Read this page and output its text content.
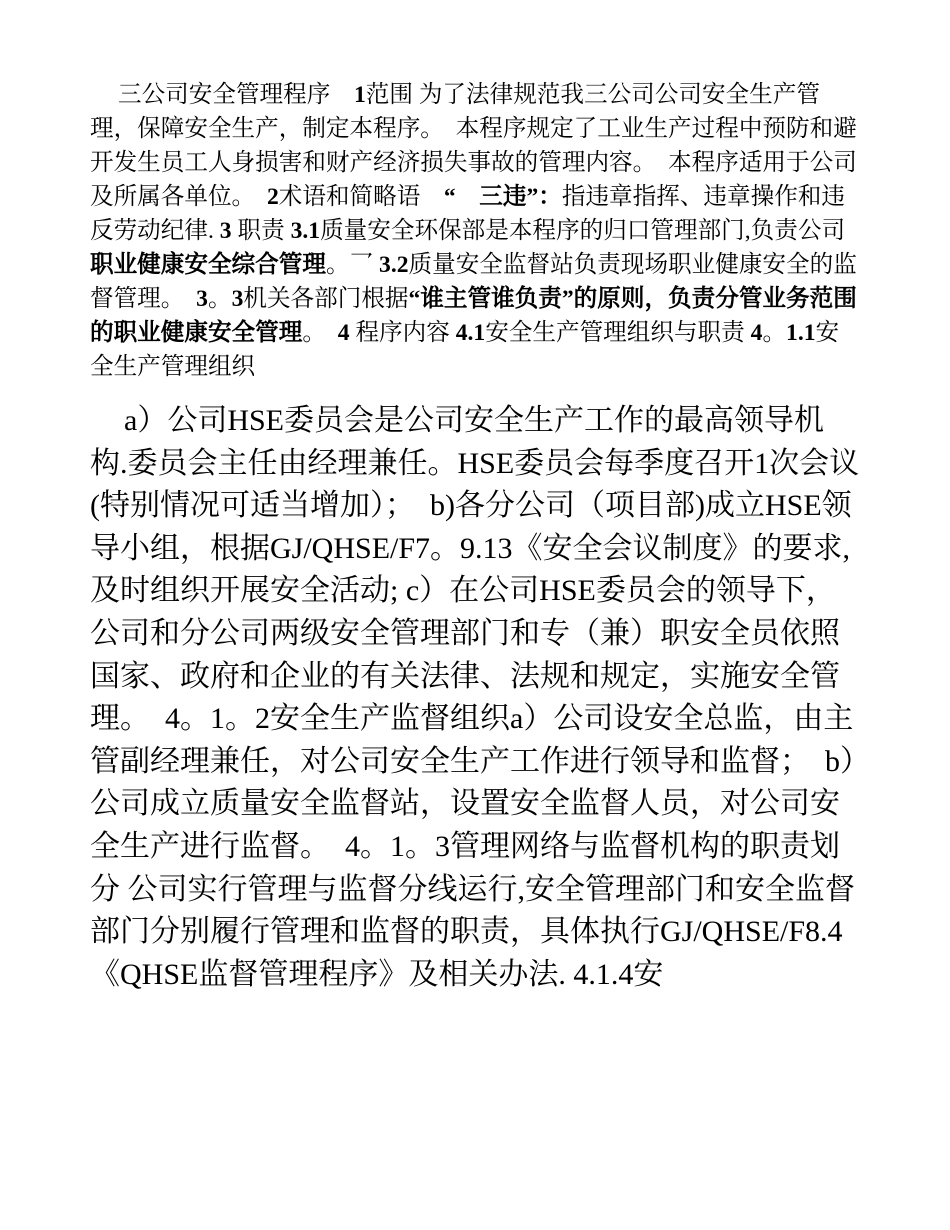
三公司安全管理程序　 1范围 为了法律规范我三公司公司安全生产管理，保障安全生产，制定本程序。　本程序规定了工业生产过程中预防和避开发生员工人身损害和财产经济损失事故的管理内容。　本程序适用于公司及所属各单位。　2术语和简略语　“　三违”：指违章指挥、违章操作和违反劳动纪律. 3 职责 3.1质量安全环保部是本程序的归口管理部门,负责公司职业健康安全综合管理。乛 3.2质量安全监督站负责现场职业健康安全的监督管理。　3。3机关各部门根据“谁主管谁负责”的原则，负责分管业务范围的职业健康安全管理。　4 程序内容 4.1安全生产管理组织与职责 4。1.1安全生产管理组织

a）公司HSE委员会是公司安全生产工作的最高领导机构.委员会主任由经理兼任。HSE委员会每季度召开1次会议(特别情况可适当增加）；　b)各分公司（项目部)成立HSE领导小组，根据GJ/QHSE/F7。9.13《安全会议制度》的要求,及时组织开展安全活动; c）在公司HSE委员会的领导下，公司和分公司两级安全管理部门和专（兼）职安全员依照国家、政府和企业的有关法律、法规和规定，实施安全管理。　4。1。2安全生产监督组织a）公司设安全总监，由主管副经理兼任，对公司安全生产工作进行领导和监督；　b）公司成立质量安全监督站，设置安全监督人员，对公司安全生产进行监督。　4。1。3管理网络与监督机构的职责划分 公司实行管理与监督分线运行,安全管理部门和安全监督部门分别履行管理和监督的职责，具体执行GJ/QHSE/F8.4《QHSE监督管理程序》及相关办法. 4.1.4安
